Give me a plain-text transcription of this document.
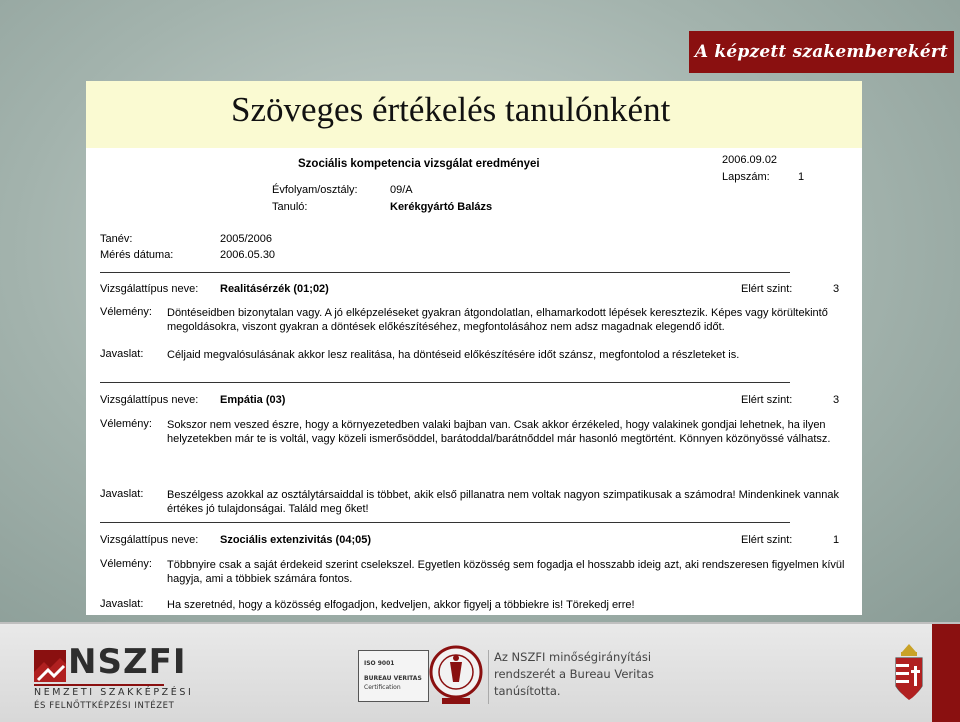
A képzett szakemberekért
Szöveges értékelés tanulónként
Szociális kompetencia vizsgálat eredményei	2006.09.02
Lapszám:	1
Évfolyam/osztály:	09/A
Tanuló:	Kerékgyártó Balázs
Tanév:	2005/2006
Mérés dátuma:	2006.05.30
Vizsgálattípus neve: Realitásérzék (01;02)	Elért szint:	3
Vélemény: Döntéseidben bizonytalan vagy. A jó elképzeléseket gyakran átgondolatlan, elhamarkodott lépések keresztezik. Képes vagy körültekintő megoldásokra, viszont gyakran a döntések előkészítéséhez, megfontolásához nem adsz magadnak elegendő időt.
Javaslat: Céljaid megvalósulásának akkor lesz realitása, ha döntéseid előkészítésére időt szánsz, megfontolod a részleteket is.
Vizsgálattípus neve: Empátia (03)	Elért szint:	3
Vélemény: Sokszor nem veszed észre, hogy a környezetedben valaki bajban van. Csak akkor érzékeled, hogy valakinek gondjai lehetnek, ha ilyen helyzetekben már te is voltál, vagy közeli ismerősöddel, barátoddal/barátnőddel már hasonló megtörtént. Könnyen közönyössé válhatsz.
Javaslat: Beszélgess azokkal az osztálytársaiddal is többet, akik első pillanatra nem voltak nagyon szimpatikusak a számodra! Mindenkinek vannak értékes jó tulajdonságai. Találd meg őket!
Vizsgálattípus neve: Szociális extenzivitás (04;05)	Elért szint:	1
Vélemény: Többnyire csak a saját érdekeid szerint cselekszel. Egyetlen közösség sem fogadja el hosszabb ideig azt, aki rendszeresen figyelmen kívül hagyja, ami a többiek számára fontos.
Javaslat: Ha szeretnéd, hogy a közösség elfogadjon, kedveljen, akkor figyelj a többiekre is! Törekedj erre!
NSZFI
NEMZETI SZAKKÉPZÉSI
ÉS FELNŐTTKÉPZÉSI INTÉZET
ISO 9001
BUREAU VERITAS
Certification
Az NSZFI minőségirányítási
rendszerét a Bureau Veritas
tanúsította.
